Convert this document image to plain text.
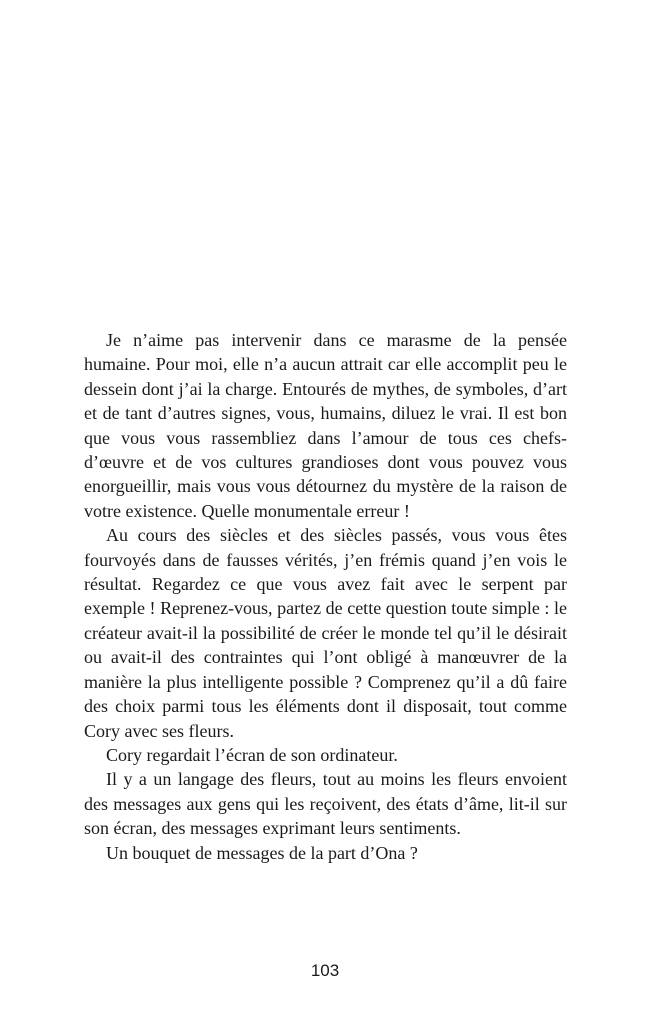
Je n’aime pas intervenir dans ce marasme de la pensée humaine. Pour moi, elle n’a aucun attrait car elle accomplit peu le dessein dont j’ai la charge. Entourés de mythes, de symboles, d’art et de tant d’autres signes, vous, humains, diluez le vrai. Il est bon que vous vous rassembliez dans l’amour de tous ces chefs-d’œuvre et de vos cultures grandioses dont vous pouvez vous enorgueillir, mais vous vous détournez du mystère de la raison de votre existence. Quelle monumentale erreur !

Au cours des siècles et des siècles passés, vous vous êtes fourvoyés dans de fausses vérités, j’en frémis quand j’en vois le résultat. Regardez ce que vous avez fait avec le serpent par exemple ! Reprenez-vous, partez de cette question toute simple : le créateur avait-il la possibilité de créer le monde tel qu’il le désirait ou avait-il des contraintes qui l’ont obligé à manœuvrer de la manière la plus intelligente possible ? Comprenez qu’il a dû faire des choix parmi tous les éléments dont il disposait, tout comme Cory avec ses fleurs.

Cory regardait l’écran de son ordinateur.

Il y a un langage des fleurs, tout au moins les fleurs envoient des messages aux gens qui les reçoivent, des états d’âme, lit-il sur son écran, des messages exprimant leurs sentiments.

Un bouquet de messages de la part d’Ona ?

103
